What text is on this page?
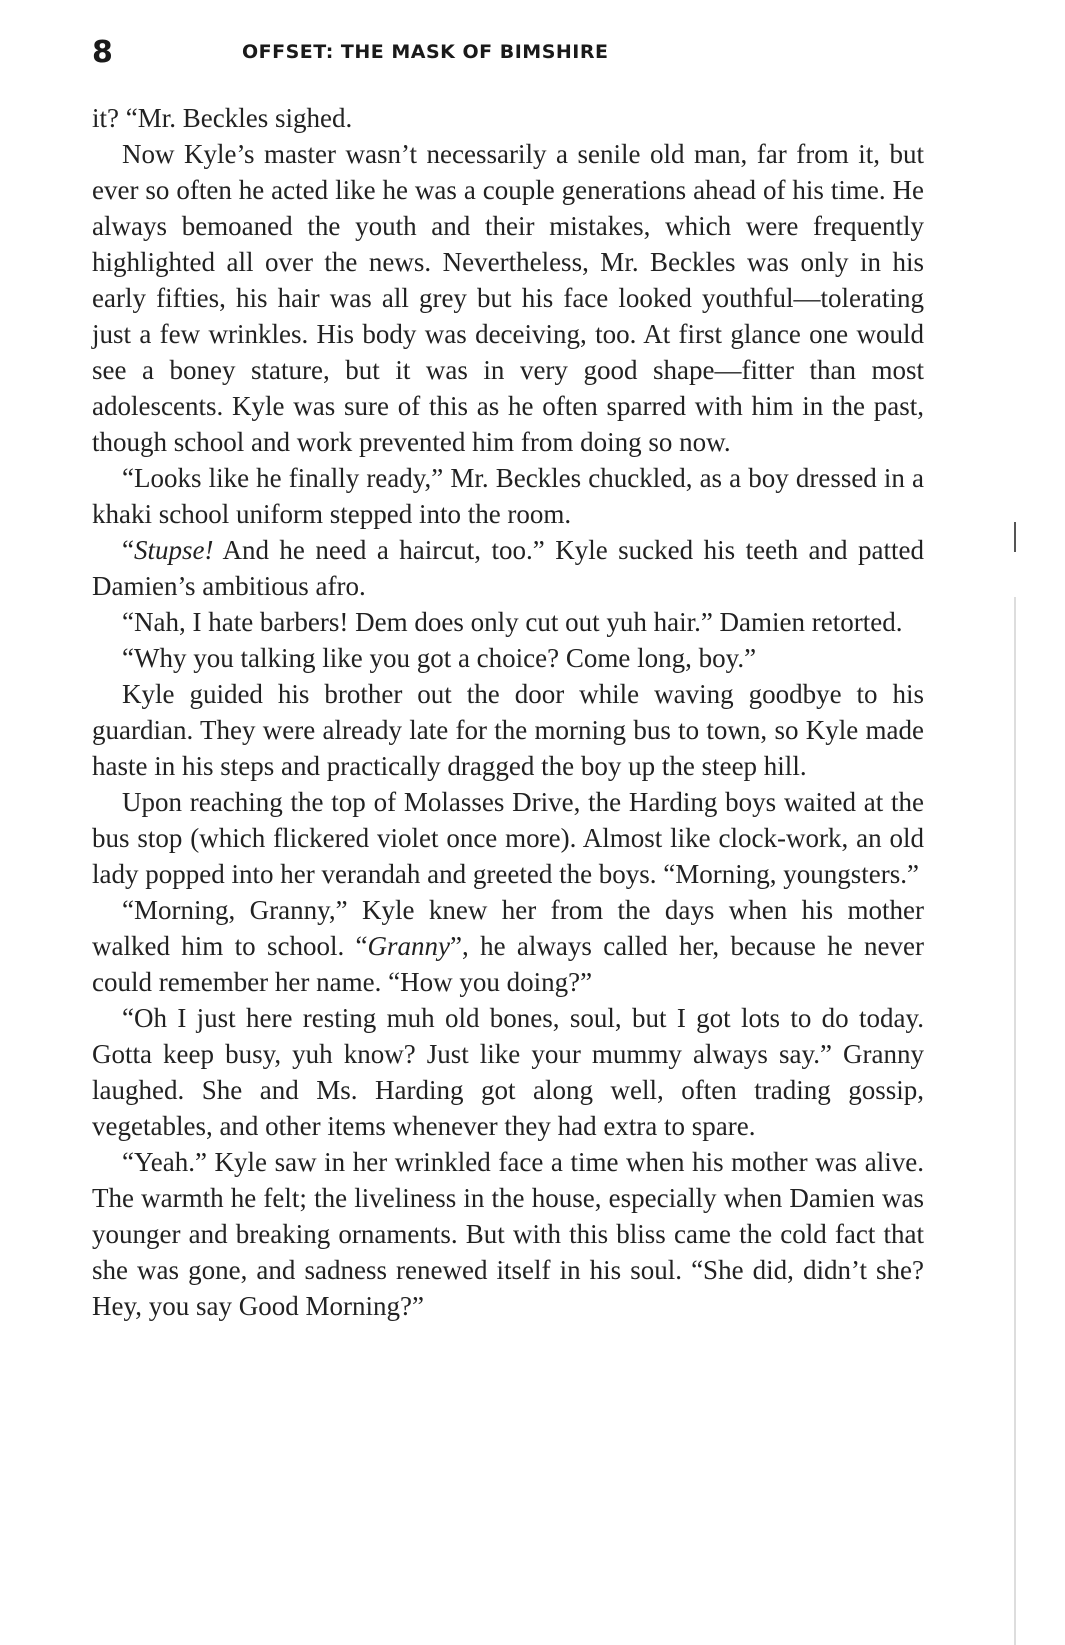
8	OFFSET: THE MASK OF BIMSHIRE

it? “Mr. Beckles sighed.

Now Kyle’s master wasn’t necessarily a senile old man, far from it, but ever so often he acted like he was a couple generations ahead of his time. He always bemoaned the youth and their mistakes, which were frequently highlighted all over the news. Nevertheless, Mr. Beckles was only in his early fifties, his hair was all grey but his face looked youthful—tolerating just a few wrinkles. His body was deceiving, too. At first glance one would see a boney stature, but it was in very good shape—fitter than most adolescents. Kyle was sure of this as he often sparred with him in the past, though school and work prevented him from doing so now.

“Looks like he finally ready,” Mr. Beckles chuckled, as a boy dressed in a khaki school uniform stepped into the room.

“Stupse! And he need a haircut, too.” Kyle sucked his teeth and patted Damien’s ambitious afro.

“Nah, I hate barbers! Dem does only cut out yuh hair.” Damien retorted.

“Why you talking like you got a choice? Come long, boy.”

Kyle guided his brother out the door while waving goodbye to his guardian. They were already late for the morning bus to town, so Kyle made haste in his steps and practically dragged the boy up the steep hill.

Upon reaching the top of Molasses Drive, the Harding boys waited at the bus stop (which flickered violet once more). Almost like clock-work, an old lady popped into her verandah and greeted the boys. “Morning, youngsters.”

“Morning, Granny,” Kyle knew her from the days when his mother walked him to school. “Granny”, he always called her, because he never could remember her name. “How you doing?”

“Oh I just here resting muh old bones, soul, but I got lots to do today. Gotta keep busy, yuh know? Just like your mummy always say.” Granny laughed. She and Ms. Harding got along well, often trading gossip, vegetables, and other items whenever they had extra to spare.

“Yeah.” Kyle saw in her wrinkled face a time when his mother was alive. The warmth he felt; the liveliness in the house, especially when Damien was younger and breaking ornaments. But with this bliss came the cold fact that she was gone, and sadness renewed itself in his soul. “She did, didn’t she? Hey, you say Good Morning?”
